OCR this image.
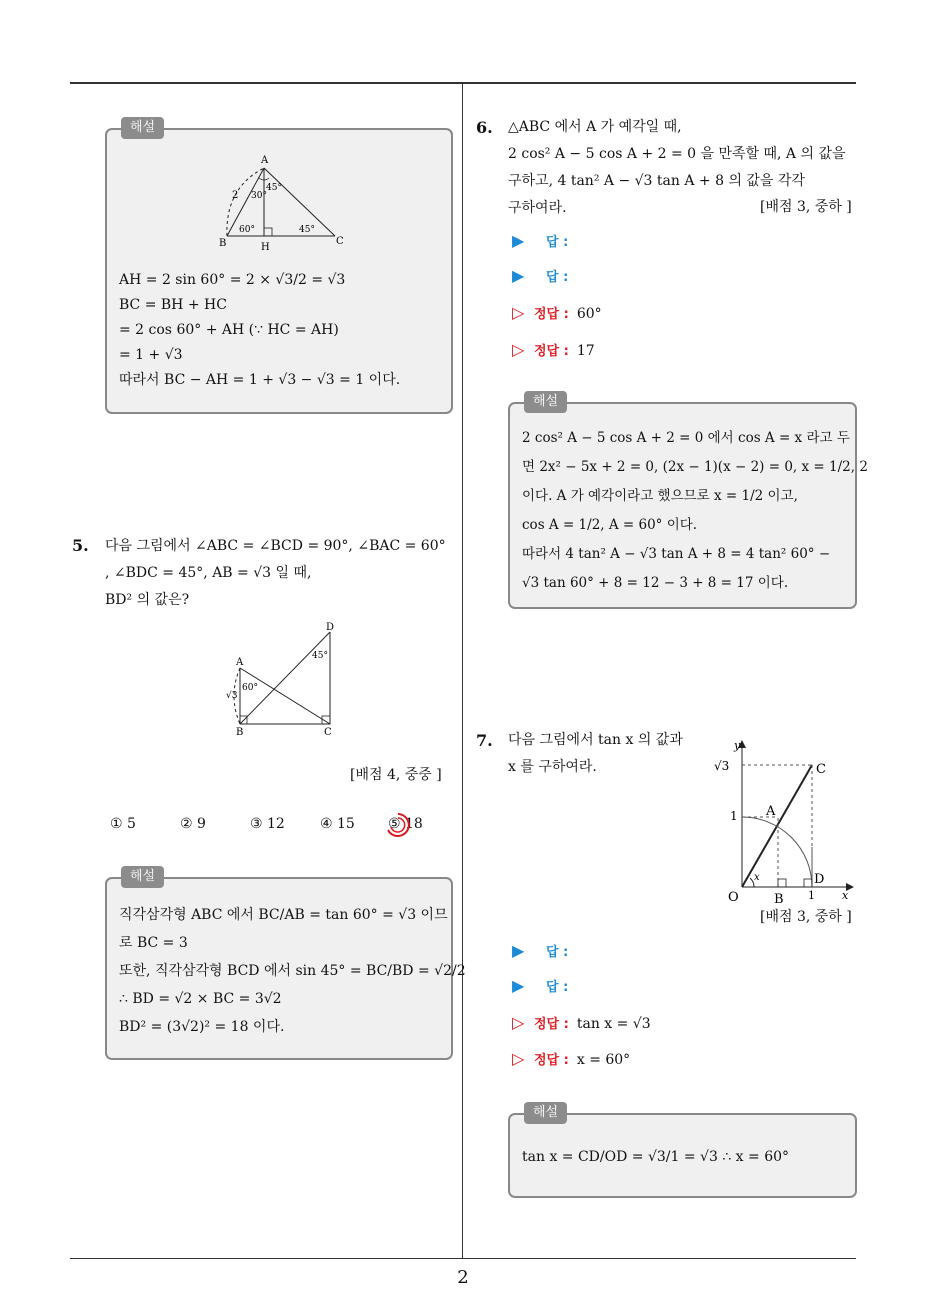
2
해설
A
B	C
H
2 30°
45°
60°	45°
AH = 2 sin 60° = 2 × √3/2 = √3
BC = BH + HC
= 2 cos 60° + AH (∵ HC = AH)
= 1 + √3
따라서 BC − AH = 1 + √3 − √3 = 1 이다.
5. 다음 그림에서 ∠ABC = ∠BCD = 90°, ∠BAC = 60°
, ∠BDC = 45°, AB = √3 일 때,
BD² 의 값은?
A
B	C
D
45°
60°
√3
[배점 4, 중중 ]
① 5	② 9	③ 12	④ 15 ⑤ 18
해설
직각삼각형 ABC 에서 BC/AB = tan 60° = √3 이므
로 BC = 3
또한, 직각삼각형 BCD 에서 sin 45° = BC/BD = √2/2
∴ BD = √2 × BC = 3√2
BD² = (3√2)² = 18 이다.
6. △ABC 에서 A 가 예각일 때,
2 cos² A − 5 cos A + 2 = 0 을 만족할 때, A 의 값을
구하고, 4 tan² A − √3 tan A + 8 의 값을 각각
구하여라.	[배점 3, 중하 ]
▶ 답 :
▶ 답 :
▷ 정답 : 60°
▷ 정답 : 17
해설
2 cos² A − 5 cos A + 2 = 0 에서 cos A = x 라고 두
면 2x² − 5x + 2 = 0, (2x − 1)(x − 2) = 0, x = 1/2, 2
이다. A 가 예각이라고 했으므로 x = 1/2 이고,
cos A = 1/2, A = 60° 이다.
따라서 4 tan² A − √3 tan A + 8 = 4 tan² 60° −
√3 tan 60° + 8 = 12 − 3 + 8 = 17 이다.
7. 다음 그림에서 tan x 의 값과
x 를 구하여라.
y
x
√3
1
C
A
O	B 1
D
x
[배점 3, 중하 ]
▶ 답 :
▶ 답 :
▷ 정답 : tan x = √3
▷ 정답 : x = 60°
해설
tan x = CD/OD = √3/1 = √3 ∴ x = 60°
